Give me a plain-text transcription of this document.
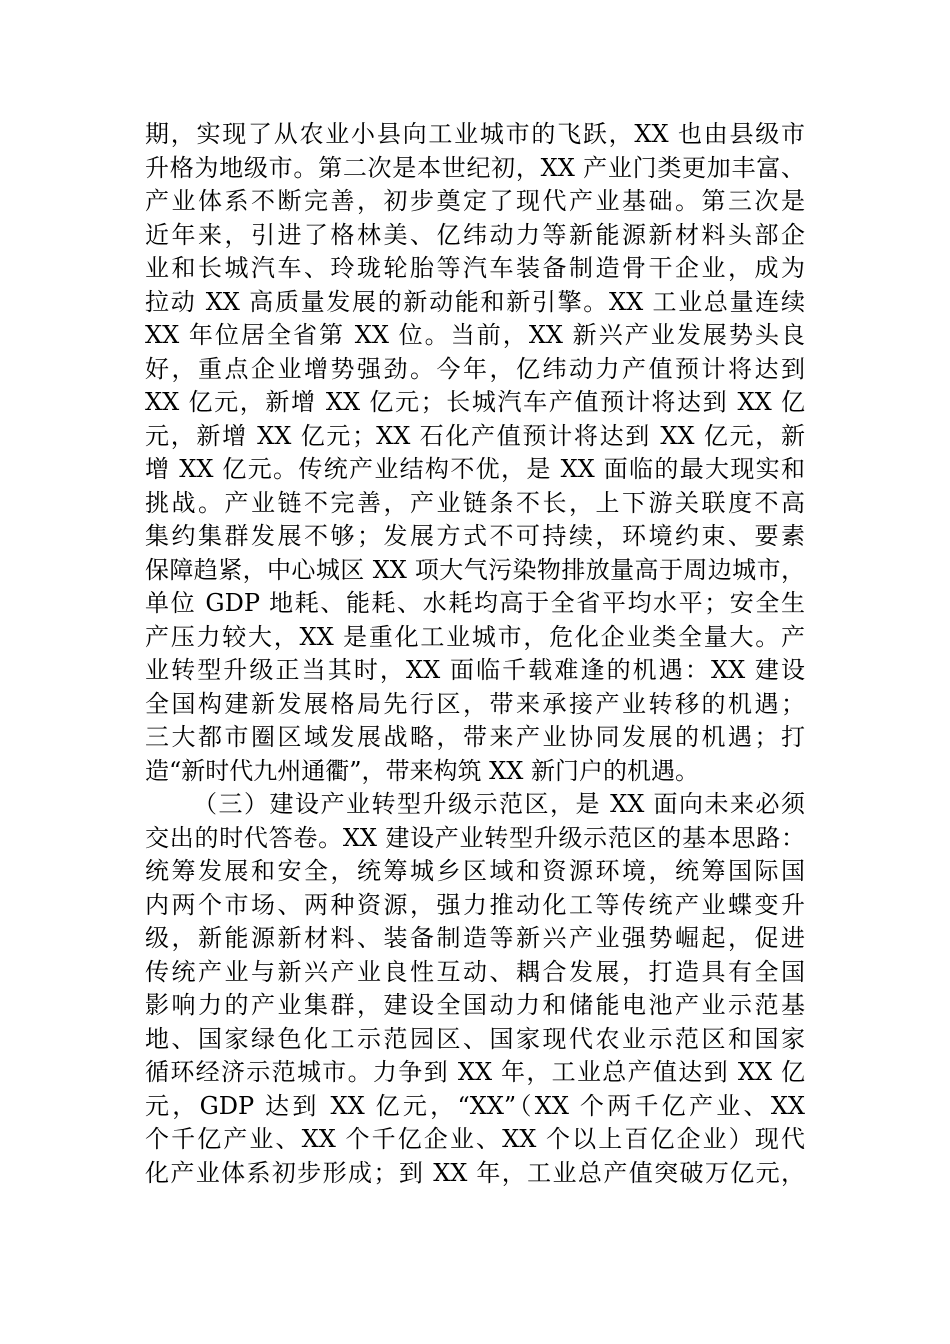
期，实现了从农业小县向工业城市的飞跃，XX 也由县级市
升格为地级市。第二次是本世纪初，XX 产业门类更加丰富、
产业体系不断完善，初步奠定了现代产业基础。第三次是
近年来，引进了格林美、亿纬动力等新能源新材料头部企
业和长城汽车、玲珑轮胎等汽车装备制造骨干企业，成为
拉动 XX 高质量发展的新动能和新引擎。XX 工业总量连续
XX 年位居全省第 XX 位。当前，XX 新兴产业发展势头良
好，重点企业增势强劲。今年，亿纬动力产值预计将达到
XX 亿元，新增 XX 亿元；长城汽车产值预计将达到 XX 亿
元，新增 XX 亿元；XX 石化产值预计将达到 XX 亿元，新
增 XX 亿元。传统产业结构不优，是 XX 面临的最大现实和
挑战。产业链不完善，产业链条不长，上下游关联度不高
集约集群发展不够；发展方式不可持续，环境约束、要素
保障趋紧，中心城区 XX 项大气污染物排放量高于周边城市，
单位 GDP 地耗、能耗、水耗均高于全省平均水平；安全生
产压力较大，XX 是重化工业城市，危化企业类全量大。产
业转型升级正当其时，XX 面临千载难逢的机遇：XX 建设
全国构建新发展格局先行区，带来承接产业转移的机遇；
三大都市圈区域发展战略，带来产业协同发展的机遇；打
造“新时代九州通衢”，带来构筑 XX 新门户的机遇。
（三）建设产业转型升级示范区，是 XX 面向未来必须
交出的时代答卷。XX 建设产业转型升级示范区的基本思路：
统筹发展和安全，统筹城乡区域和资源环境，统筹国际国
内两个市场、两种资源，强力推动化工等传统产业蝶变升
级，新能源新材料、装备制造等新兴产业强势崛起，促进
传统产业与新兴产业良性互动、耦合发展，打造具有全国
影响力的产业集群，建设全国动力和储能电池产业示范基
地、国家绿色化工示范园区、国家现代农业示范区和国家
循环经济示范城市。力争到 XX 年，工业总产值达到 XX 亿
元，GDP 达到 XX 亿元，“XX”（XX 个两千亿产业、XX
个千亿产业、XX 个千亿企业、XX 个以上百亿企业）现代
化产业体系初步形成；到 XX 年，工业总产值突破万亿元，
